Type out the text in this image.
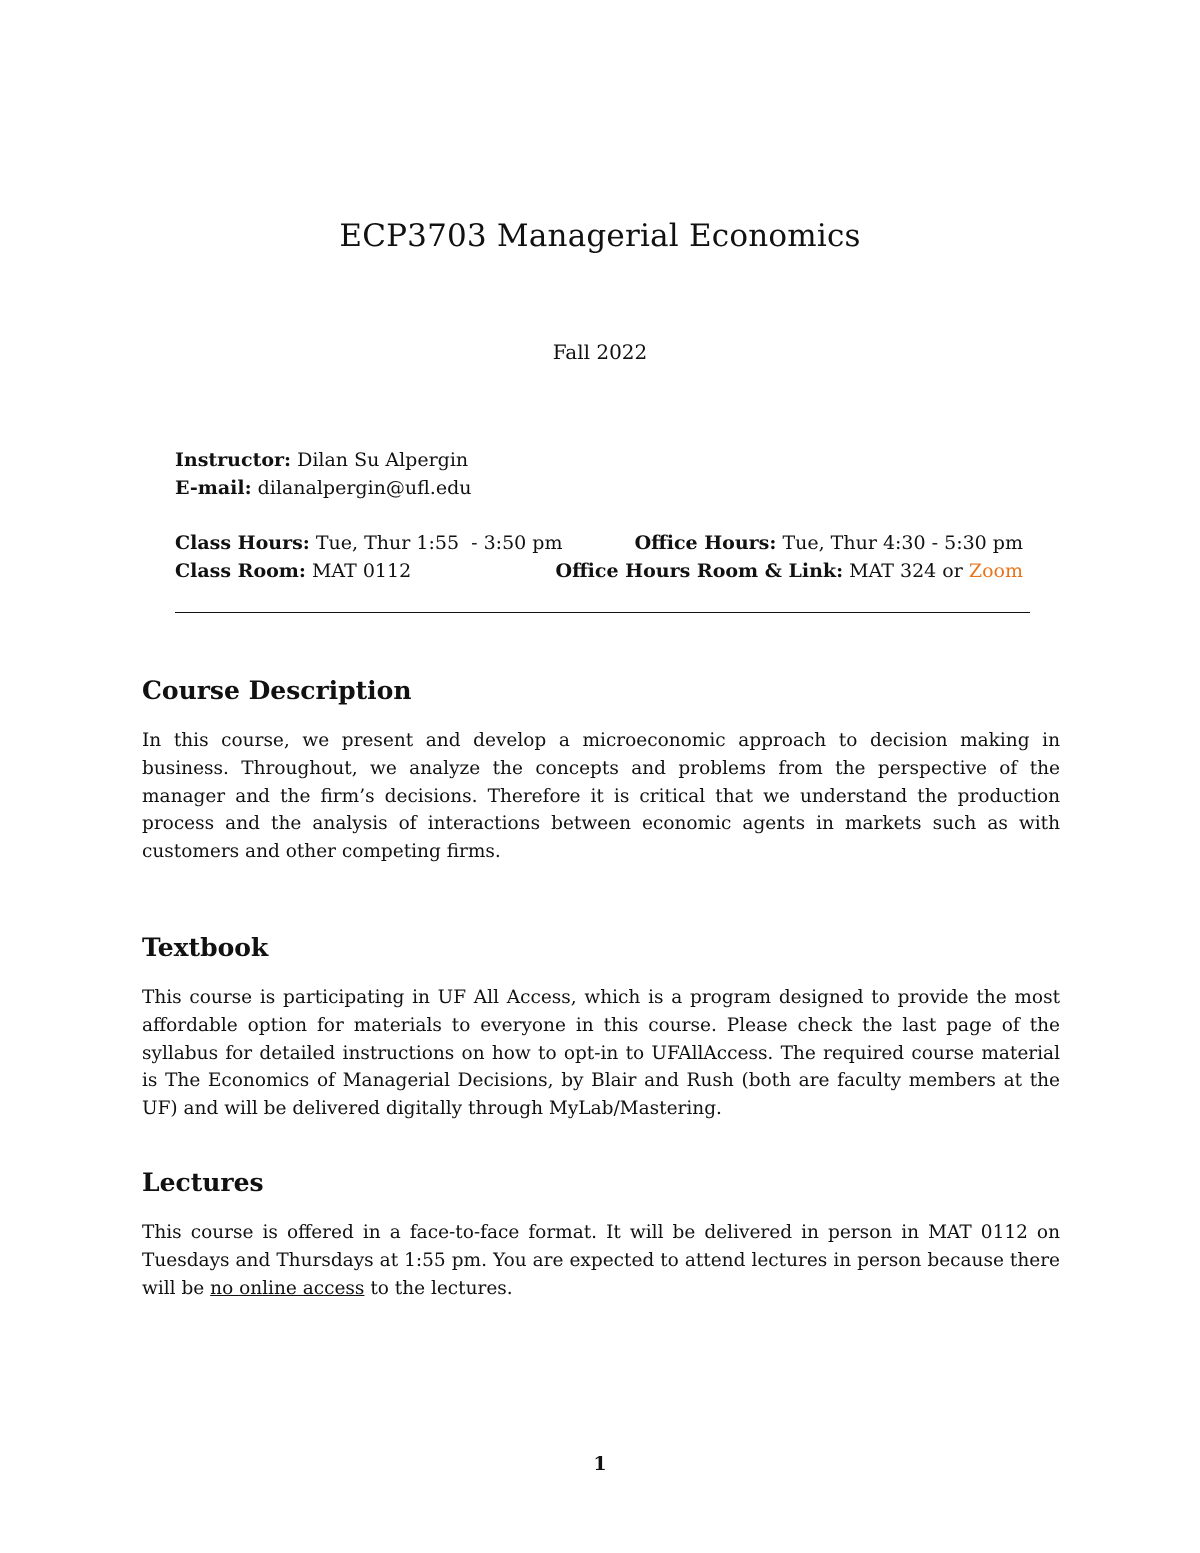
ECP3703 Managerial Economics

Fall 2022

Instructor: Dilan Su Alpergin
E-mail: dilanalpergin@ufl.edu
Class Hours: Tue, Thur 1:55  - 3:50 pm	Office Hours: Tue, Thur 4:30 - 5:30 pm
Class Room: MAT 0112	Office Hours Room & Link: MAT 324 or Zoom
Course Description

In this course, we present and develop a microeconomic approach to decision making in business. Throughout, we analyze the concepts and problems from the perspective of the manager and the firm’s decisions. Therefore it is critical that we understand the production process and the analysis of interactions between economic agents in markets such as with customers and other competing firms.

Textbook

This course is participating in UF All Access, which is a program designed to provide the most affordable option for materials to everyone in this course. Please check the last page of the syllabus for detailed instructions on how to opt-in to UFAllAccess. The required course material is The Economics of Managerial Decisions, by Blair and Rush (both are faculty members at the UF) and will be delivered digitally through MyLab/Mastering.

Lectures

This course is offered in a face-to-face format. It will be delivered in person in MAT 0112 on Tuesdays and Thursdays at 1:55 pm. You are expected to attend lectures in person because there will be no online access to the lectures.

1
